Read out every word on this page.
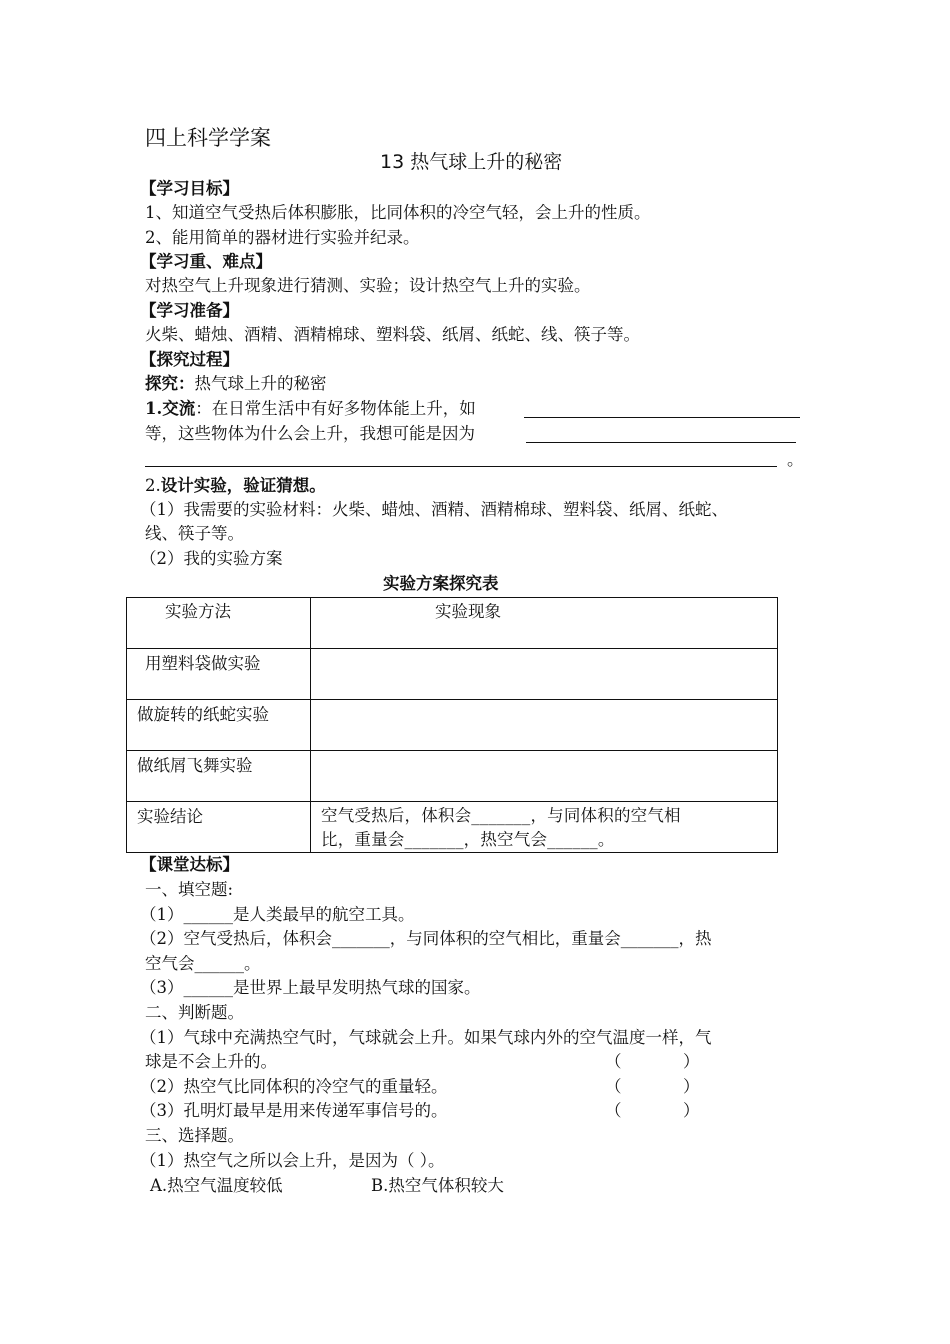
四上科学学案
13 热气球上升的秘密
【学习目标】
1、知道空气受热后体积膨胀，比同体积的冷空气轻，会上升的性质。
2、能用简单的器材进行实验并纪录。
【学习重、难点】
对热空气上升现象进行猜测、实验；设计热空气上升的实验。
【学习准备】
火柴、蜡烛、酒精、酒精棉球、塑料袋、纸屑、纸蛇、线、筷子等。
【探究过程】
探究：热气球上升的秘密
1.交流：在日常生活中有好多物体能上升，如
等，这些物体为什么会上升，我想可能是因为
。
2.设计实验，验证猜想。
（1）我需要的实验材料：火柴、蜡烛、酒精、酒精棉球、塑料袋、纸屑、纸蛇、
线、筷子等。
（2）我的实验方案
实验方案探究表
实验方法	实验现象

用塑料袋做实验	

做旋转的纸蛇实验	

做纸屑飞舞实验	

实验结论	空气受热后，体积会_______，与同体积的空气相
比，重量会_______，热空气会______。
【课堂达标】
一、填空题:
（1）______是人类最早的航空工具。
（2）空气受热后，体积会_______，与同体积的空气相比，重量会_______，热
空气会______。
（3）______是世界上最早发明热气球的国家。
二、判断题。
（1）气球中充满热空气时，气球就会上升。如果气球内外的空气温度一样，气
球是不会上升的。	（	）
（2）热空气比同体积的冷空气的重量轻。	（	）
（3）孔明灯最早是用来传递军事信号的。	（	）
三、选择题。
（1）热空气之所以会上升，是因为（ ）。
A.热空气温度较低	B.热空气体积较大
